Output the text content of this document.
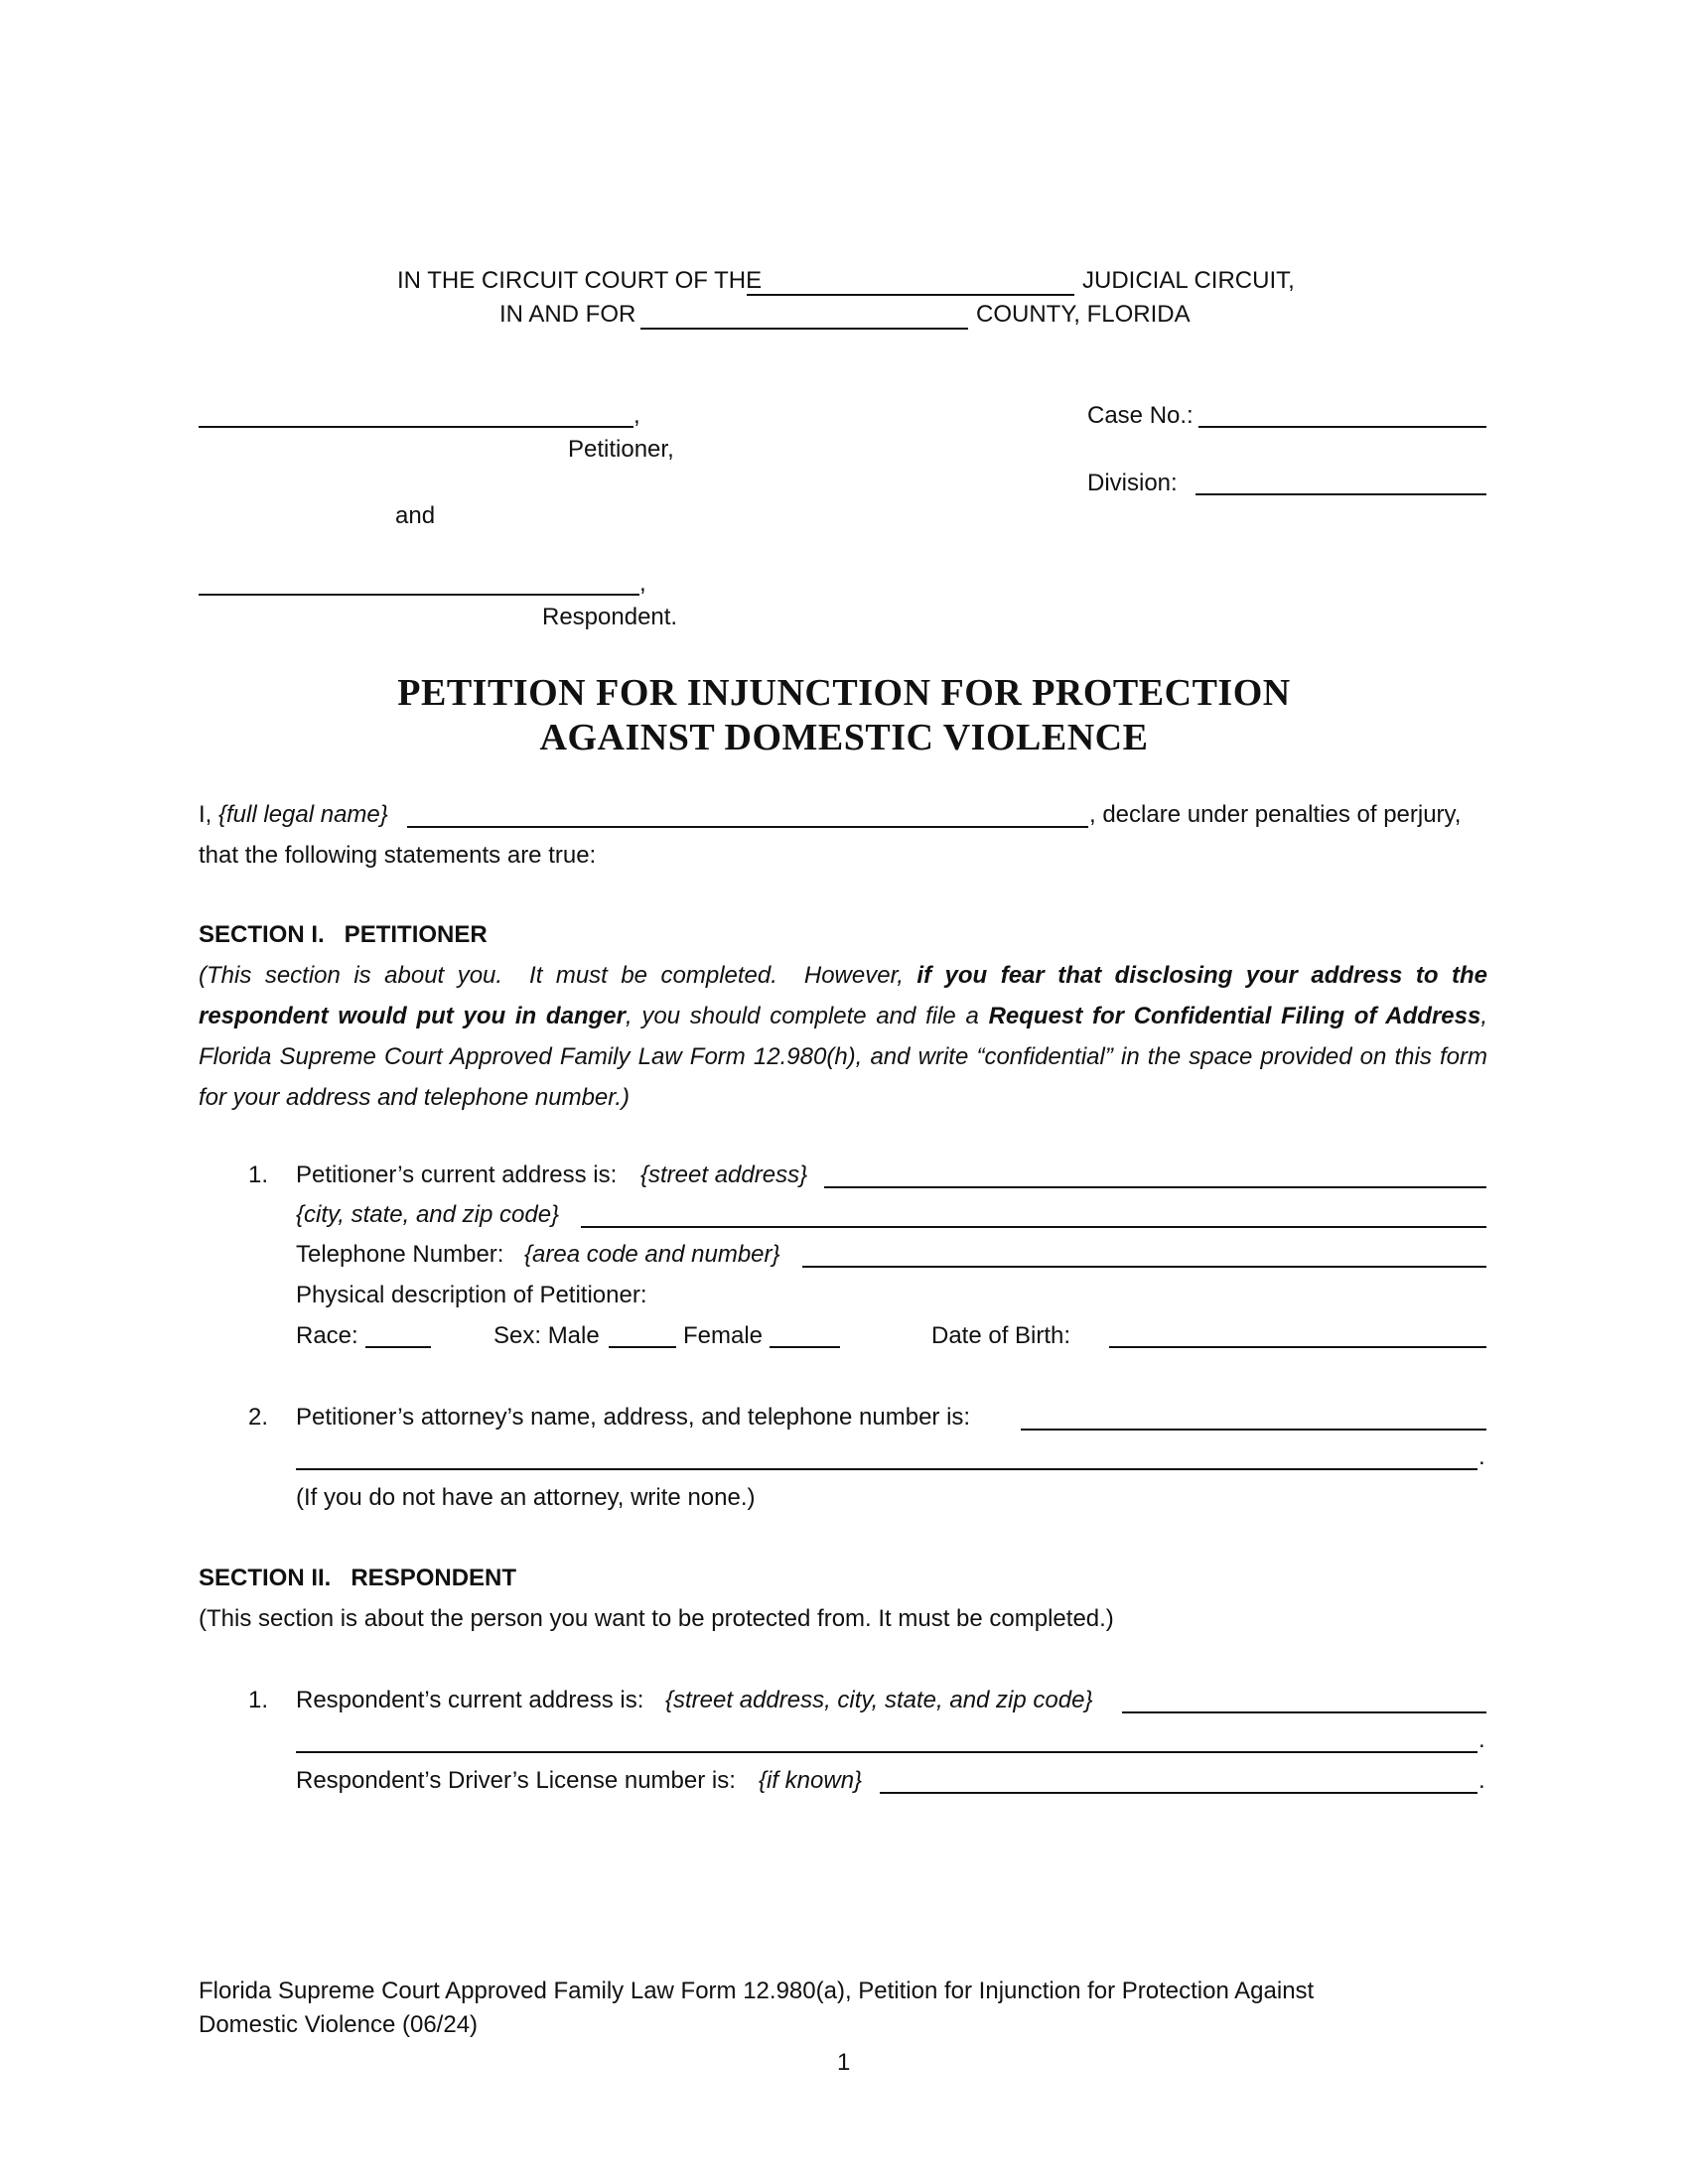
IN THE CIRCUIT COURT OF THE	JUDICIAL CIRCUIT,
IN AND FOR	COUNTY, FLORIDA
,
Petitioner,
Case No.:
Division:
and
,
Respondent.
PETITION FOR INJUNCTION FOR PROTECTION
AGAINST DOMESTIC VIOLENCE
I, {full legal name}	, declare under penalties of perjury,
that the following statements are true:
SECTION I.   PETITIONER
(This section is about you.  It must be completed.  However, if you fear that disclosing your address to the respondent would put you in danger, you should complete and file a Request for Confidential Filing of Address, Florida Supreme Court Approved Family Law Form 12.980(h), and write “confidential” in the space provided on this form for your address and telephone number.)
1. Petitioner’s current address is: {street address}
{city, state, and zip code}
Telephone Number: {area code and number}
Physical description of Petitioner:
Race:	Sex: Male	Female	Date of Birth:
2. Petitioner’s attorney’s name, address, and telephone number is:
.
(If you do not have an attorney, write none.)
SECTION II.   RESPONDENT
(This section is about the person you want to be protected from. It must be completed.)
1. Respondent’s current address is: {street address, city, state, and zip code}
.
Respondent’s Driver’s License number is: {if known}	.
Florida Supreme Court Approved Family Law Form 12.980(a), Petition for Injunction for Protection Against
Domestic Violence (06/24)
1
